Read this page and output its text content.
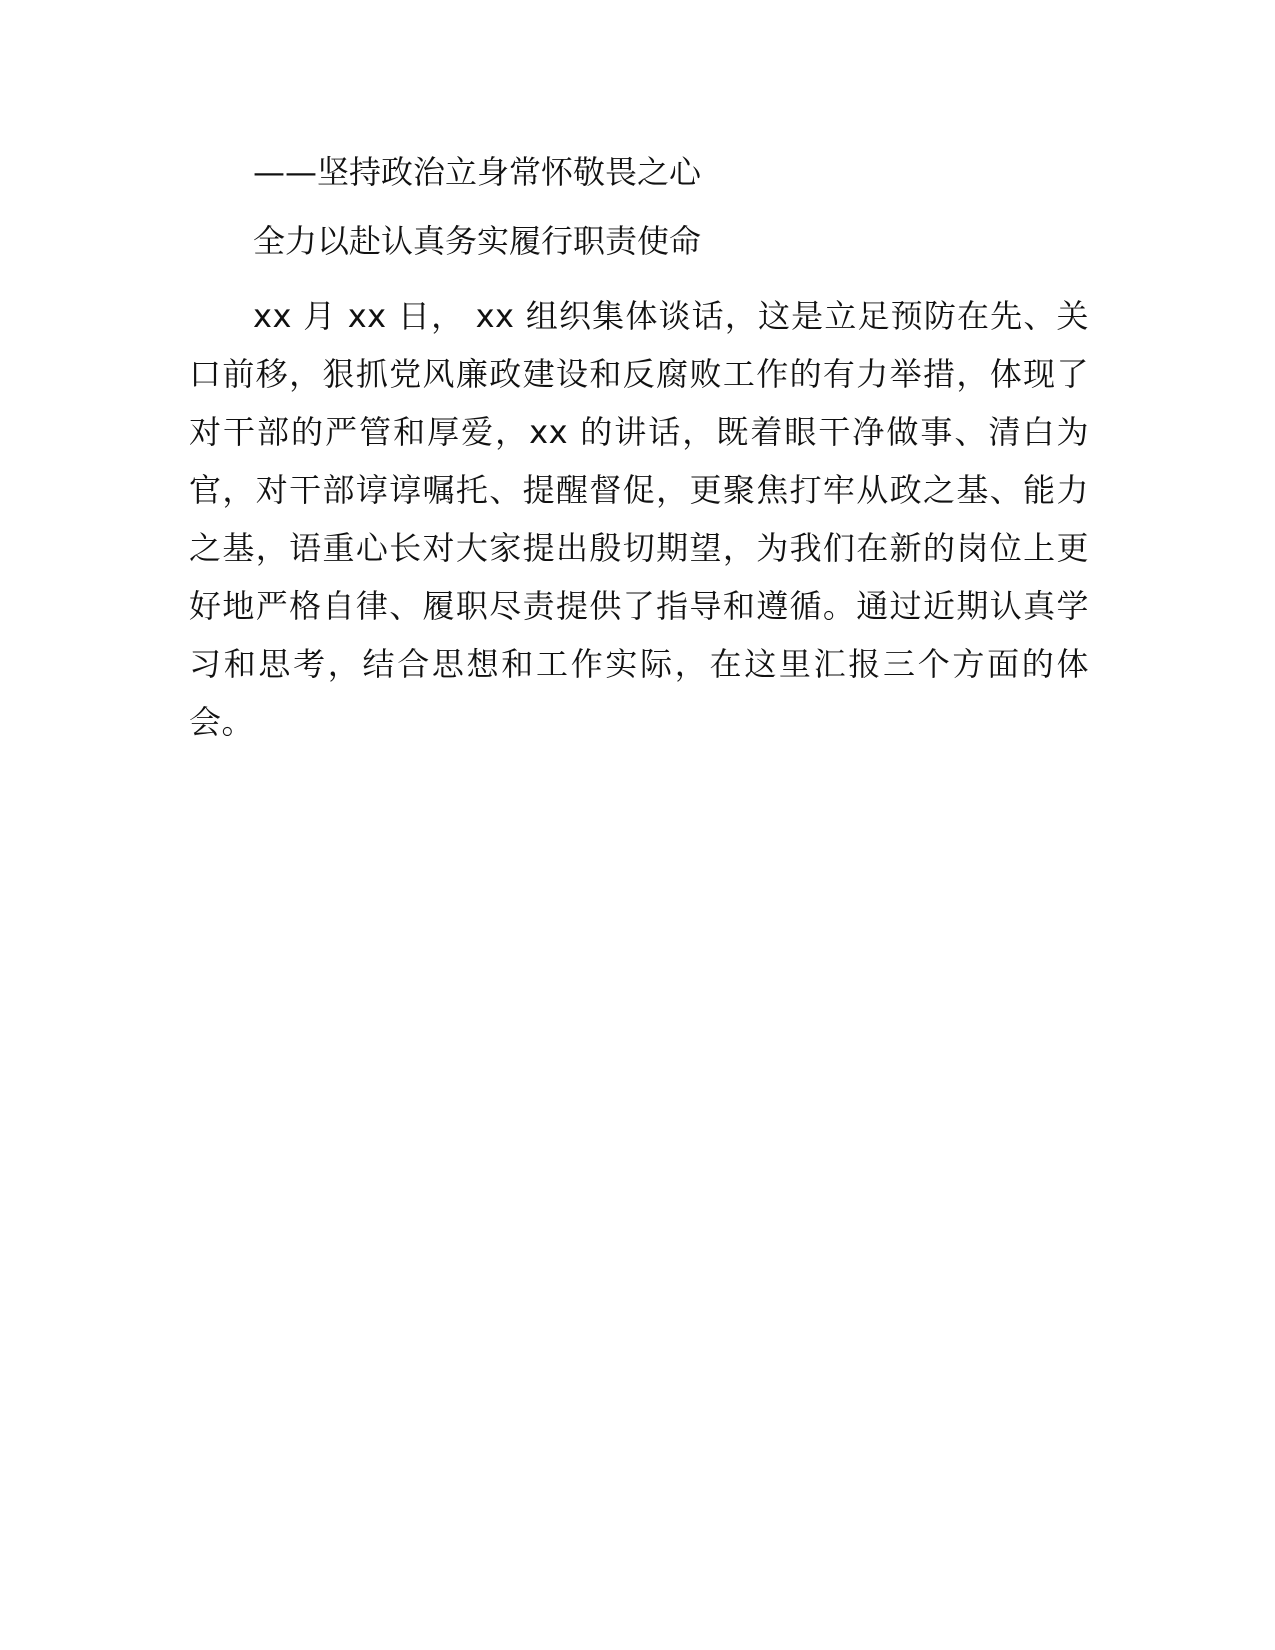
——坚持政治立身常怀敬畏之心

全力以赴认真务实履行职责使命

xx 月 xx 日， xx 组织集体谈话，这是立足预防在先、关口前移，狠抓党风廉政建设和反腐败工作的有力举措，体现了对干部的严管和厚爱，xx 的讲话，既着眼干净做事、清白为官，对干部谆谆嘱托、提醒督促，更聚焦打牢从政之基、能力之基，语重心长对大家提出殷切期望，为我们在新的岗位上更好地严格自律、履职尽责提供了指导和遵循。通过近期认真学习和思考，结合思想和工作实际，在这里汇报三个方面的体会。
